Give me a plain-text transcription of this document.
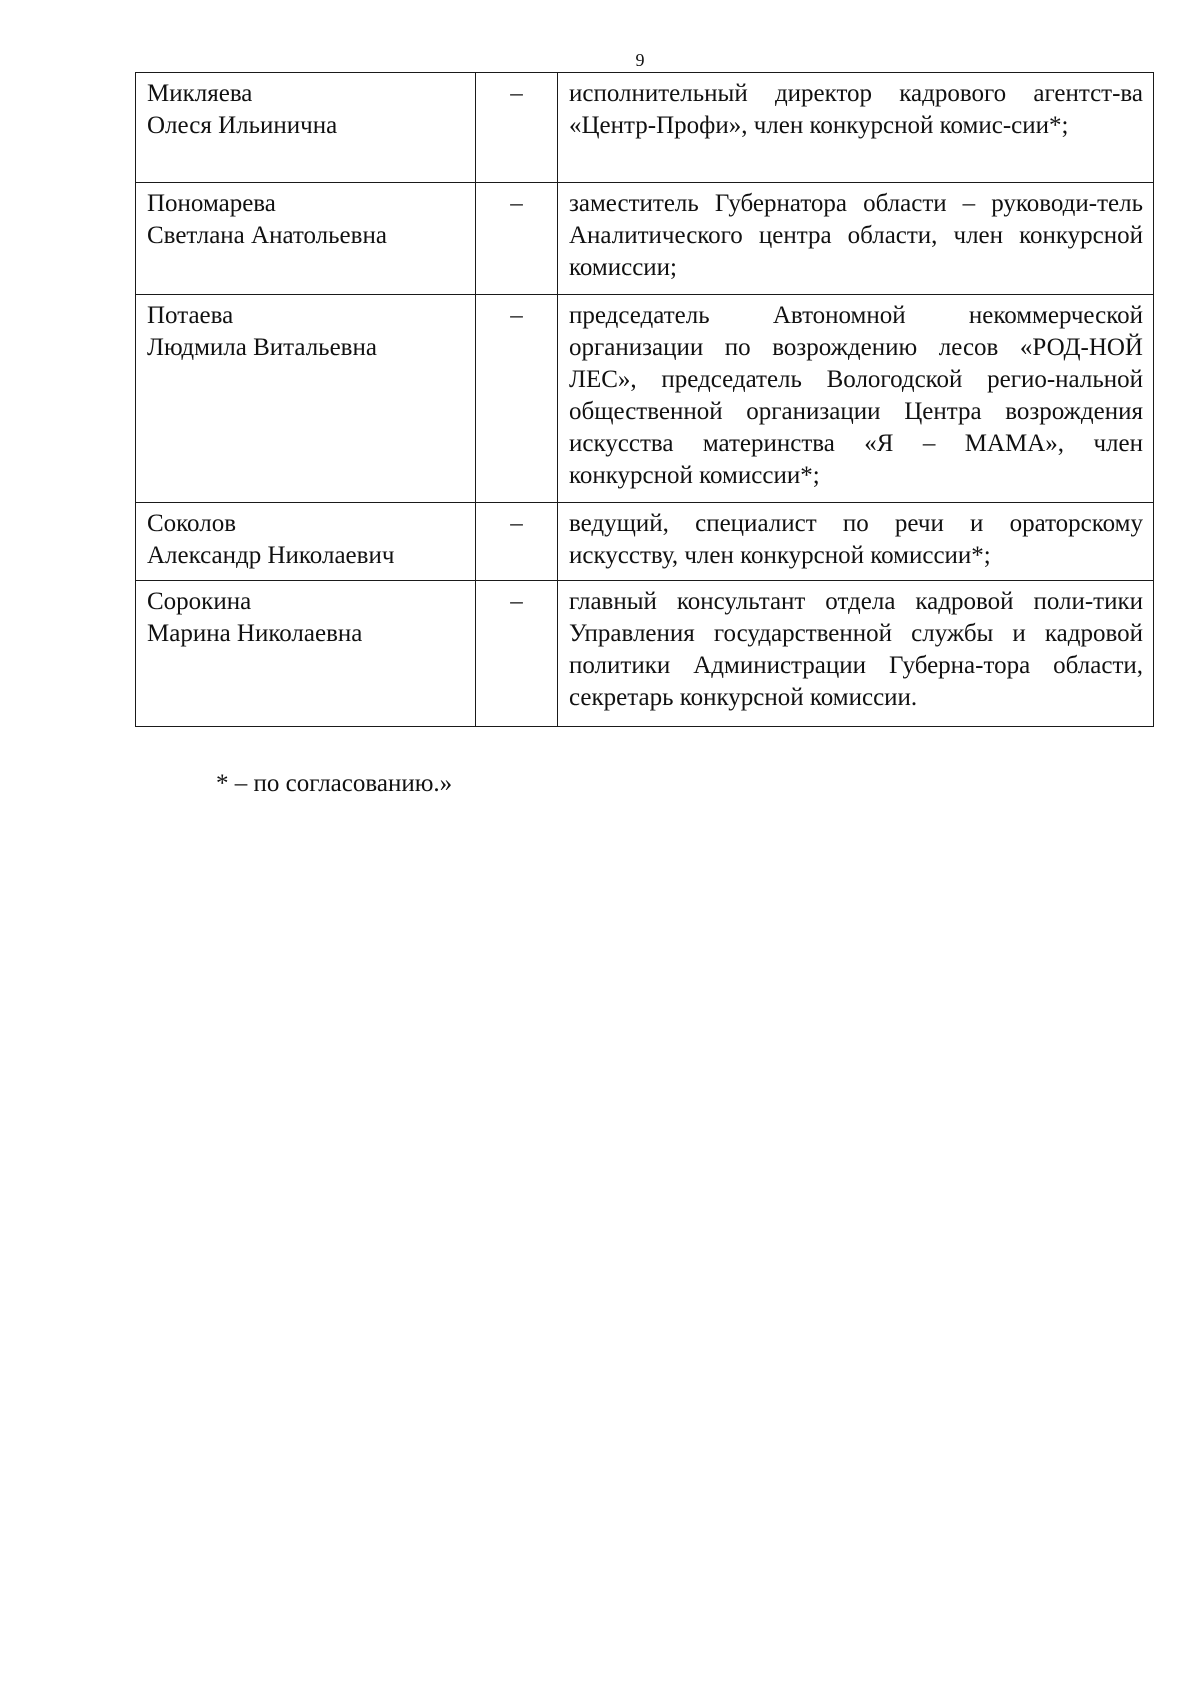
9
Микляева
Олеся Ильинична	–	исполнительный директор кадрового агентст-ва «Центр-Профи», член конкурсной комис-сии*;

Пономарева
Светлана Анатольевна	–	заместитель Губернатора области – руководи-тель Аналитического центра области, член конкурсной комиссии;

Потаева
Людмила Витальевна	–	председатель Автономной некоммерческой организации по возрождению лесов «РОД-НОЙ ЛЕС», председатель Вологодской регио-нальной общественной организации Центра возрождения искусства материнства «Я – МАМА», член конкурсной комиссии*;

Соколов
Александр Николаевич	–	ведущий, специалист по речи и ораторскому искусству, член конкурсной комиссии*;

Сорокина
Марина Николаевна	–	главный консультант отдела кадровой поли-тики Управления государственной службы и кадровой политики Администрации Губерна-тора области, секретарь конкурсной комиссии.
* – по согласованию.»
